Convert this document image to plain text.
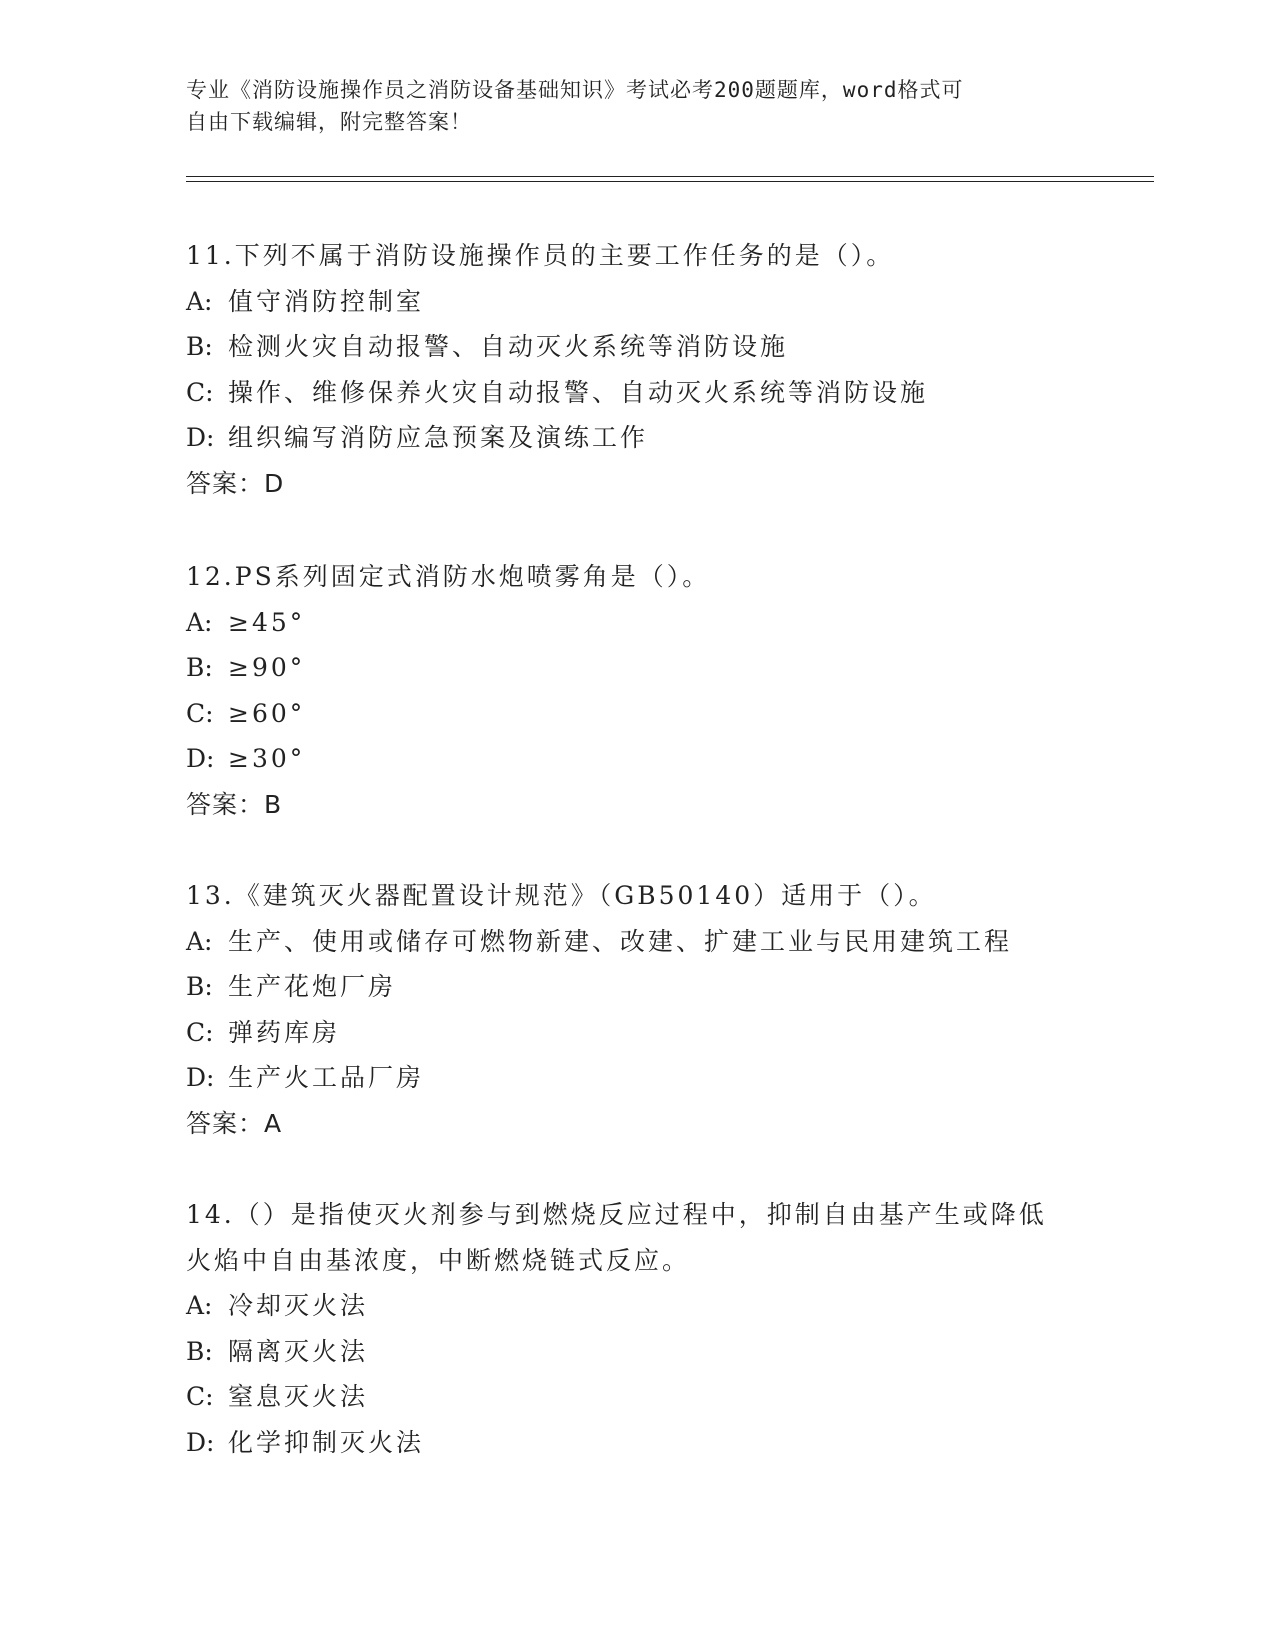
专业《消防设施操作员之消防设备基础知识》考试必考200题题库，word格式可
自由下载编辑，附完整答案！
11.下列不属于消防设施操作员的主要工作任务的是（）。
A: 值守消防控制室
B: 检测火灾自动报警、自动灭火系统等消防设施
C: 操作、维修保养火灾自动报警、自动灭火系统等消防设施
D: 组织编写消防应急预案及演练工作
答案：D
12.PS系列固定式消防水炮喷雾角是（）。
A: ≥45°
B: ≥90°
C: ≥60°
D: ≥30°
答案：B
13.《建筑灭火器配置设计规范》（GB50140）适用于（）。
A: 生产、使用或储存可燃物新建、改建、扩建工业与民用建筑工程
B: 生产花炮厂房
C: 弹药库房
D: 生产火工品厂房
答案：A
14.（）是指使灭火剂参与到燃烧反应过程中，抑制自由基产生或降低火焰中自由基浓度，中断燃烧链式反应。
A: 冷却灭火法
B: 隔离灭火法
C: 窒息灭火法
D: 化学抑制灭火法
